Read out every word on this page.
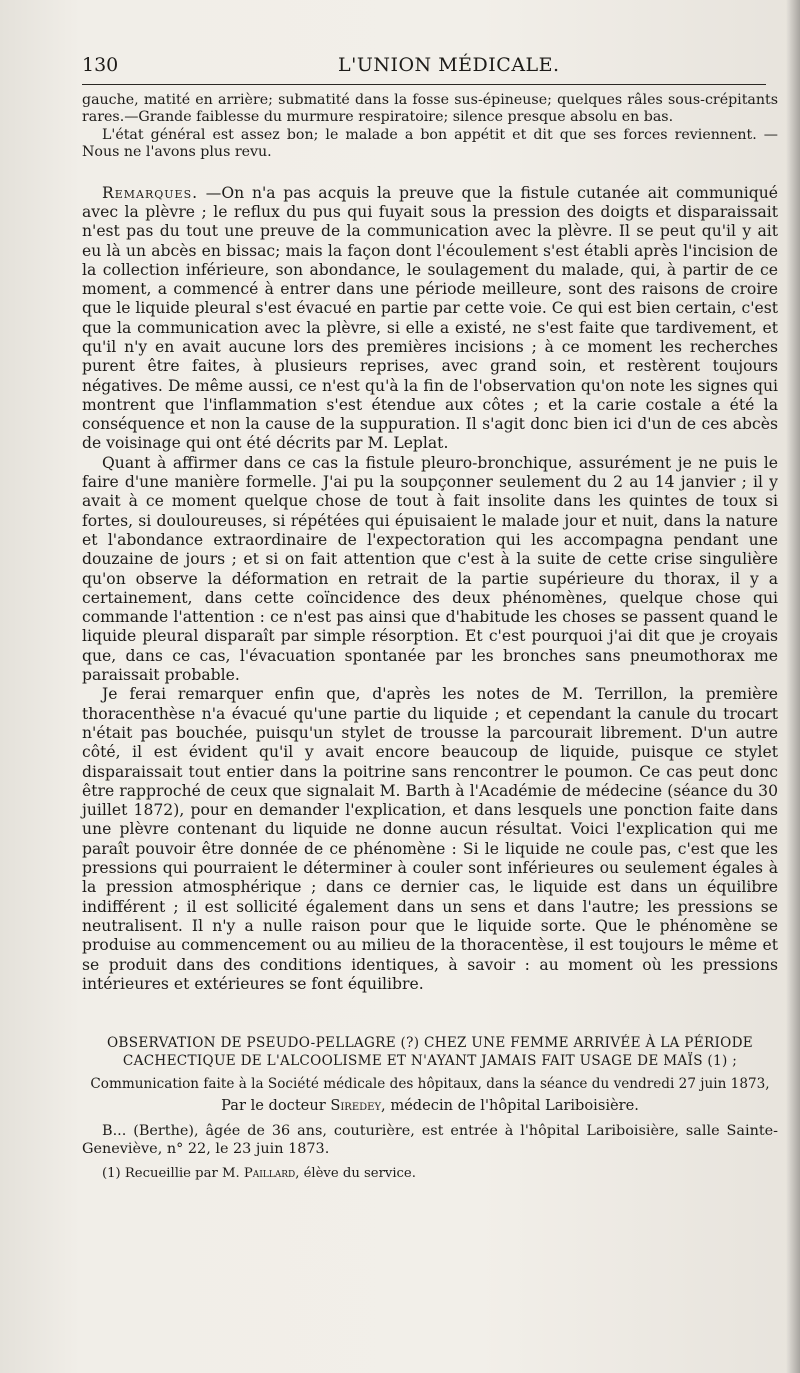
130	L'UNION MÉDICALE.

gauche, matité en arrière; submatité dans la fosse sus-épineuse; quelques râles sous-crépitants rares.—Grande faiblesse du murmure respiratoire; silence presque absolu en bas.

L'état général est assez bon; le malade a bon appétit et dit que ses forces reviennent. — Nous ne l'avons plus revu.

Remarques. —On n'a pas acquis la preuve que la fistule cutanée ait communiqué avec la plèvre ; le reflux du pus qui fuyait sous la pression des doigts et disparaissait n'est pas du tout une preuve de la communication avec la plèvre. Il se peut qu'il y ait eu là un abcès en bissac; mais la façon dont l'écoulement s'est établi après l'incision de la collection inférieure, son abondance, le soulagement du malade, qui, à partir de ce moment, a commencé à entrer dans une période meilleure, sont des raisons de croire que le liquide pleural s'est évacué en partie par cette voie. Ce qui est bien certain, c'est que la communication avec la plèvre, si elle a existé, ne s'est faite que tardivement, et qu'il n'y en avait aucune lors des premières incisions ; à ce moment les recherches purent être faites, à plusieurs reprises, avec grand soin, et restèrent toujours négatives. De même aussi, ce n'est qu'à la fin de l'observation qu'on note les signes qui montrent que l'inflammation s'est étendue aux côtes ; et la carie costale a été la conséquence et non la cause de la suppuration. Il s'agit donc bien ici d'un de ces abcès de voisinage qui ont été décrits par M. Leplat.

Quant à affirmer dans ce cas la fistule pleuro-bronchique, assurément je ne puis le faire d'une manière formelle. J'ai pu la soupçonner seulement du 2 au 14 janvier ; il y avait à ce moment quelque chose de tout à fait insolite dans les quintes de toux si fortes, si douloureuses, si répétées qui épuisaient le malade jour et nuit, dans la nature et l'abondance extraordinaire de l'expectoration qui les accompagna pendant une douzaine de jours ; et si on fait attention que c'est à la suite de cette crise singulière qu'on observe la déformation en retrait de la partie supérieure du thorax, il y a certainement, dans cette coïncidence des deux phénomènes, quelque chose qui commande l'attention : ce n'est pas ainsi que d'habitude les choses se passent quand le liquide pleural disparaît par simple résorption. Et c'est pourquoi j'ai dit que je croyais que, dans ce cas, l'évacuation spontanée par les bronches sans pneumothorax me paraissait probable.

Je ferai remarquer enfin que, d'après les notes de M. Terrillon, la première thoracenthèse n'a évacué qu'une partie du liquide ; et cependant la canule du trocart n'était pas bouchée, puisqu'un stylet de trousse la parcourait librement. D'un autre côté, il est évident qu'il y avait encore beaucoup de liquide, puisque ce stylet disparaissait tout entier dans la poitrine sans rencontrer le poumon. Ce cas peut donc être rapproché de ceux que signalait M. Barth à l'Académie de médecine (séance du 30 juillet 1872), pour en demander l'explication, et dans lesquels une ponction faite dans une plèvre contenant du liquide ne donne aucun résultat. Voici l'explication qui me paraît pouvoir être donnée de ce phénomène : Si le liquide ne coule pas, c'est que les pressions qui pourraient le déterminer à couler sont inférieures ou seulement égales à la pression atmosphérique ; dans ce dernier cas, le liquide est dans un équilibre indifférent ; il est sollicité également dans un sens et dans l'autre; les pressions se neutralisent. Il n'y a nulle raison pour que le liquide sorte. Que le phénomène se produise au commencement ou au milieu de la thoracentèse, il est toujours le même et se produit dans des conditions identiques, à savoir : au moment où les pressions intérieures et extérieures se font équilibre.

OBSERVATION DE PSEUDO-PELLAGRE (?) CHEZ UNE FEMME ARRIVÉE À LA PÉRIODE CACHECTIQUE DE L'ALCOOLISME ET N'AYANT JAMAIS FAIT USAGE DE MAÏS (1) ;
Communication faite à la Société médicale des hôpitaux, dans la séance du vendredi 27 juin 1873,
Par le docteur Siredey, médecin de l'hôpital Lariboisière.

B... (Berthe), âgée de 36 ans, couturière, est entrée à l'hôpital Lariboisière, salle Sainte-Geneviève, n° 22, le 23 juin 1873.

(1) Recueillie par M. Paillard, élève du service.
